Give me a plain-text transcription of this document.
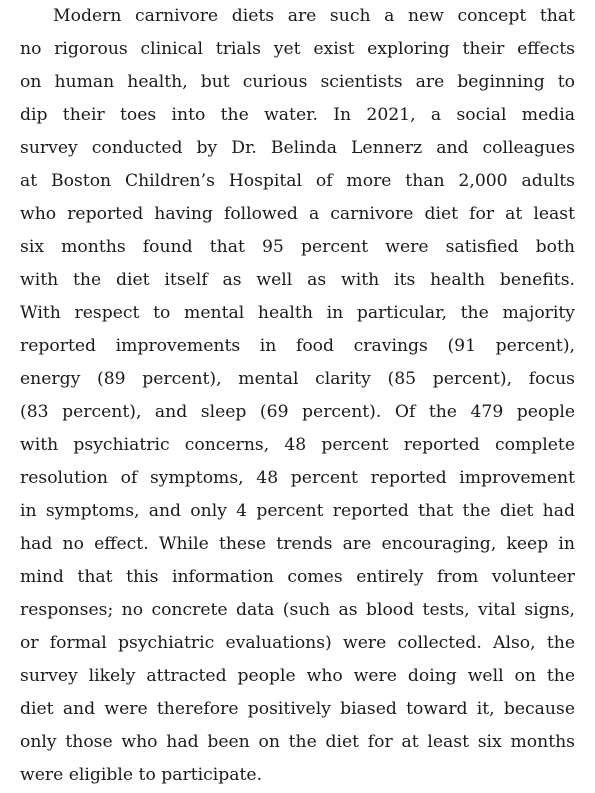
Modern carnivore diets are such a new concept that
no rigorous clinical trials yet exist exploring their effects
on human health, but curious scientists are beginning to
dip their toes into the water. In 2021, a social media
survey conducted by Dr. Belinda Lennerz and colleagues
at Boston Children’s Hospital of more than 2,000 adults
who reported having followed a carnivore diet for at least
six months found that 95 percent were satisfied both
with the diet itself as well as with its health benefits.
With respect to mental health in particular, the majority
reported improvements in food cravings (91 percent),
energy (89 percent), mental clarity (85 percent), focus
(83 percent), and sleep (69 percent). Of the 479 people
with psychiatric concerns, 48 percent reported complete
resolution of symptoms, 48 percent reported improvement
in symptoms, and only 4 percent reported that the diet had
had no effect. While these trends are encouraging, keep in
mind that this information comes entirely from volunteer
responses; no concrete data (such as blood tests, vital signs,
or formal psychiatric evaluations) were collected. Also, the
survey likely attracted people who were doing well on the
diet and were therefore positively biased toward it, because
only those who had been on the diet for at least six months
were eligible to participate.
